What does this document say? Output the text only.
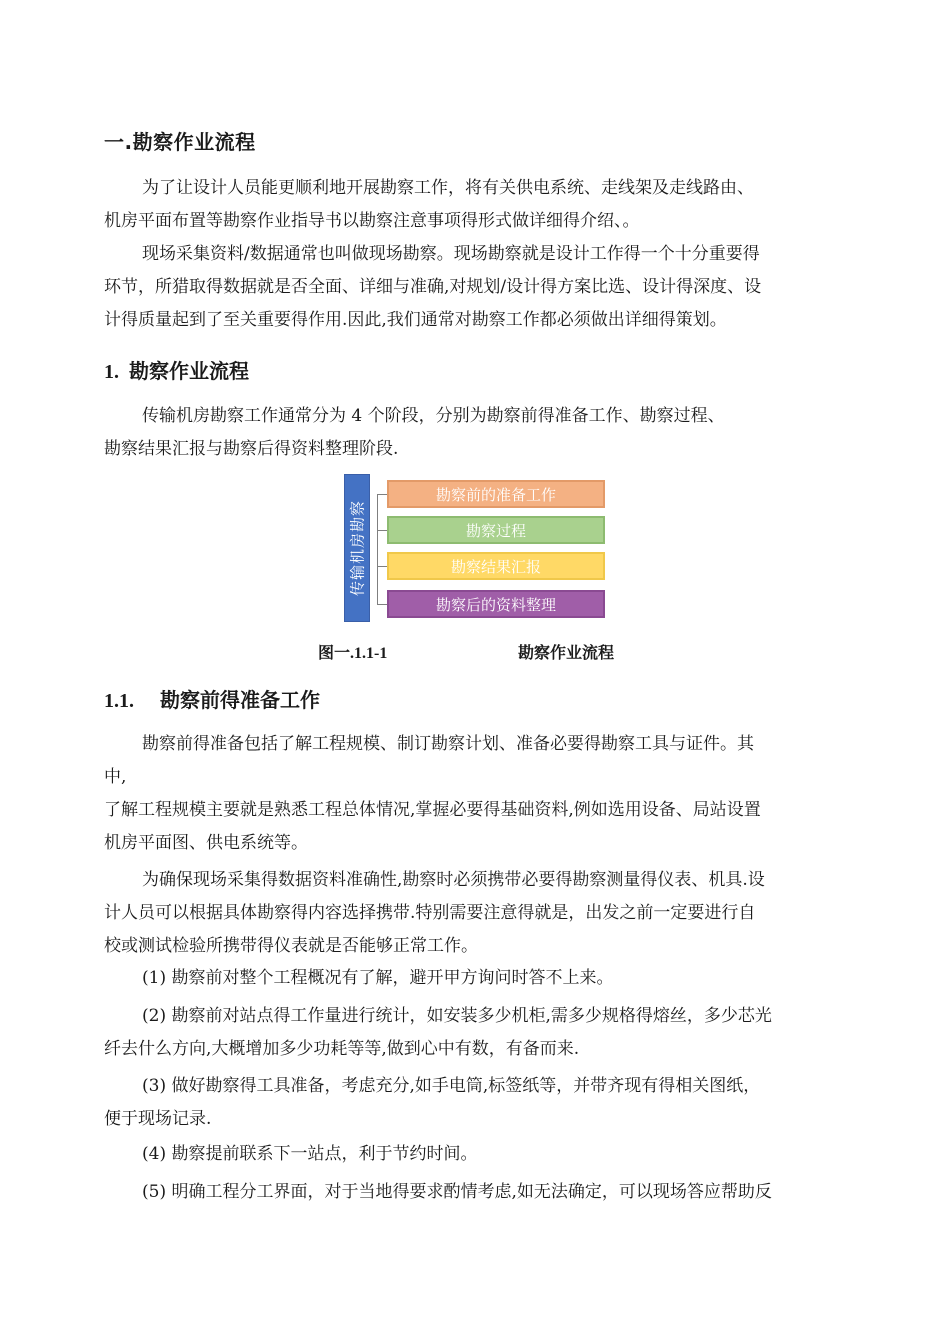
一.勘察作业流程

为了让设计人员能更顺利地开展勘察工作，将有关供电系统、走线架及走线路由、
机房平面布置等勘察作业指导书以勘察注意事项得形式做详细得介绍、。

现场采集资料/数据通常也叫做现场勘察。现场勘察就是设计工作得一个十分重要得
环节，所猎取得数据就是否全面、详细与准确,对规划/设计得方案比选、设计得深度、设
计得质量起到了至关重要得作用.因此,我们通常对勘察工作都必须做出详细得策划。

1. 勘察作业流程

传输机房勘察工作通常分为 4 个阶段，分别为勘察前得准备工作、勘察过程、
勘察结果汇报与勘察后得资料整理阶段.

传输机房勘察
勘察前的准备工作
勘察过程
勘察结果汇报
勘察后的资料整理
图一.1.1-1	勘察作业流程
1.1. 勘察前得准备工作

勘察前得准备包括了解工程规模、制订勘察计划、准备必要得勘察工具与证件。其
中,

了解工程规模主要就是熟悉工程总体情况,掌握必要得基础资料,例如选用设备、局站设置
机房平面图、供电系统等。

为确保现场采集得数据资料准确性,勘察时必须携带必要得勘察测量得仪表、机具.设
计人员可以根据具体勘察得内容选择携带.特别需要注意得就是，出发之前一定要进行自
校或测试检验所携带得仪表就是否能够正常工作。

(1) 勘察前对整个工程概况有了解，避开甲方询问时答不上来。

(2) 勘察前对站点得工作量进行统计，如安装多少机柜,需多少规格得熔丝，多少芯光
纤去什么方向,大概增加多少功耗等等,做到心中有数，有备而来.

(3) 做好勘察得工具准备，考虑充分,如手电筒,标签纸等，并带齐现有得相关图纸，
便于现场记录.

(4) 勘察提前联系下一站点，利于节约时间。

(5) 明确工程分工界面，对于当地得要求酌情考虑,如无法确定，可以现场答应帮助反
